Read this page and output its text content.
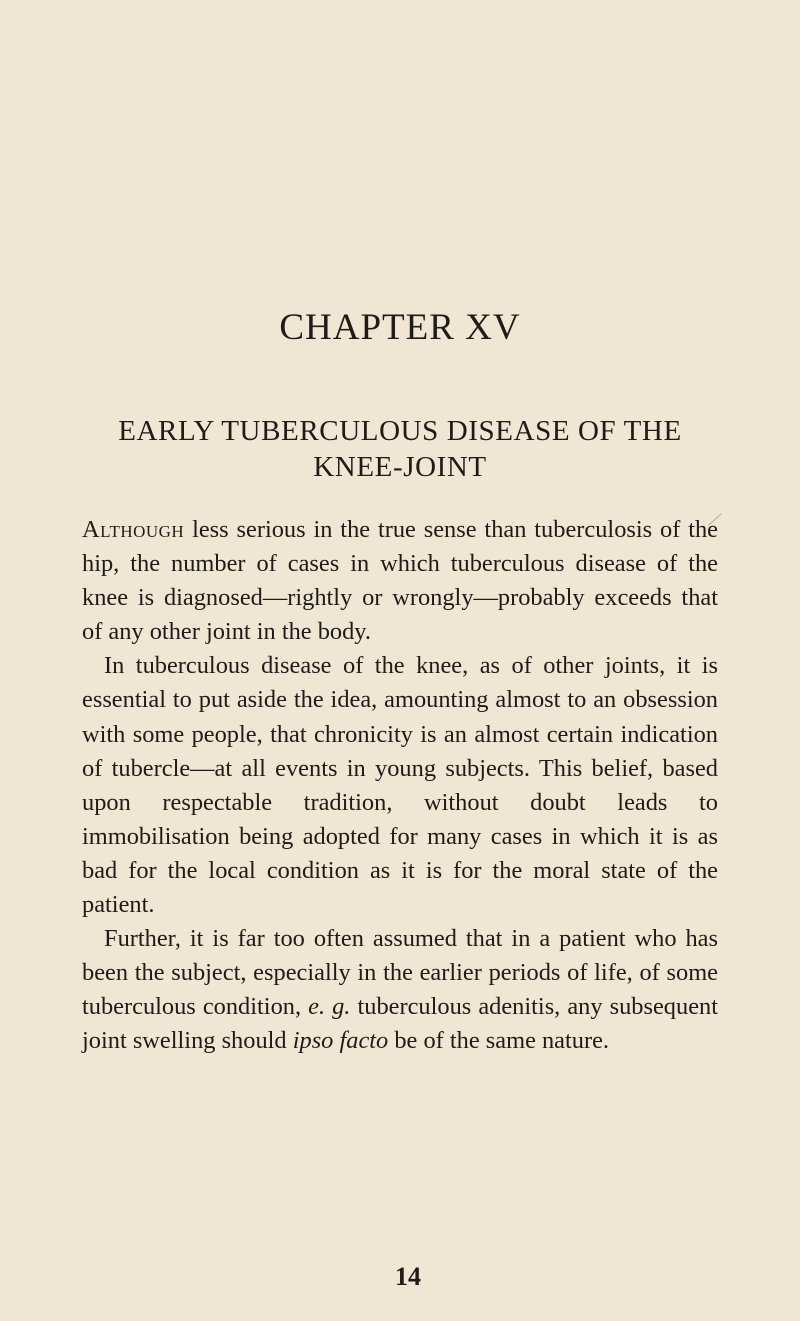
CHAPTER XV
EARLY TUBERCULOUS DISEASE OF THE
KNEE-JOINT

Although less serious in the true sense than tuberculosis of the hip, the number of cases in which tuberculous disease of the knee is diagnosed—rightly or wrongly—probably exceeds that of any other joint in the body.

In tuberculous disease of the knee, as of other joints, it is essential to put aside the idea, amounting almost to an obsession with some people, that chronicity is an almost certain indication of tubercle—at all events in young subjects. This belief, based upon respectable tradition, without doubt leads to immobilisation being adopted for many cases in which it is as bad for the local condition as it is for the moral state of the patient.

Further, it is far too often assumed that in a patient who has been the subject, especially in the earlier periods of life, of some tuberculous condition, e. g. tuberculous adenitis, any subsequent joint swelling should ipso facto be of the same nature.

14
